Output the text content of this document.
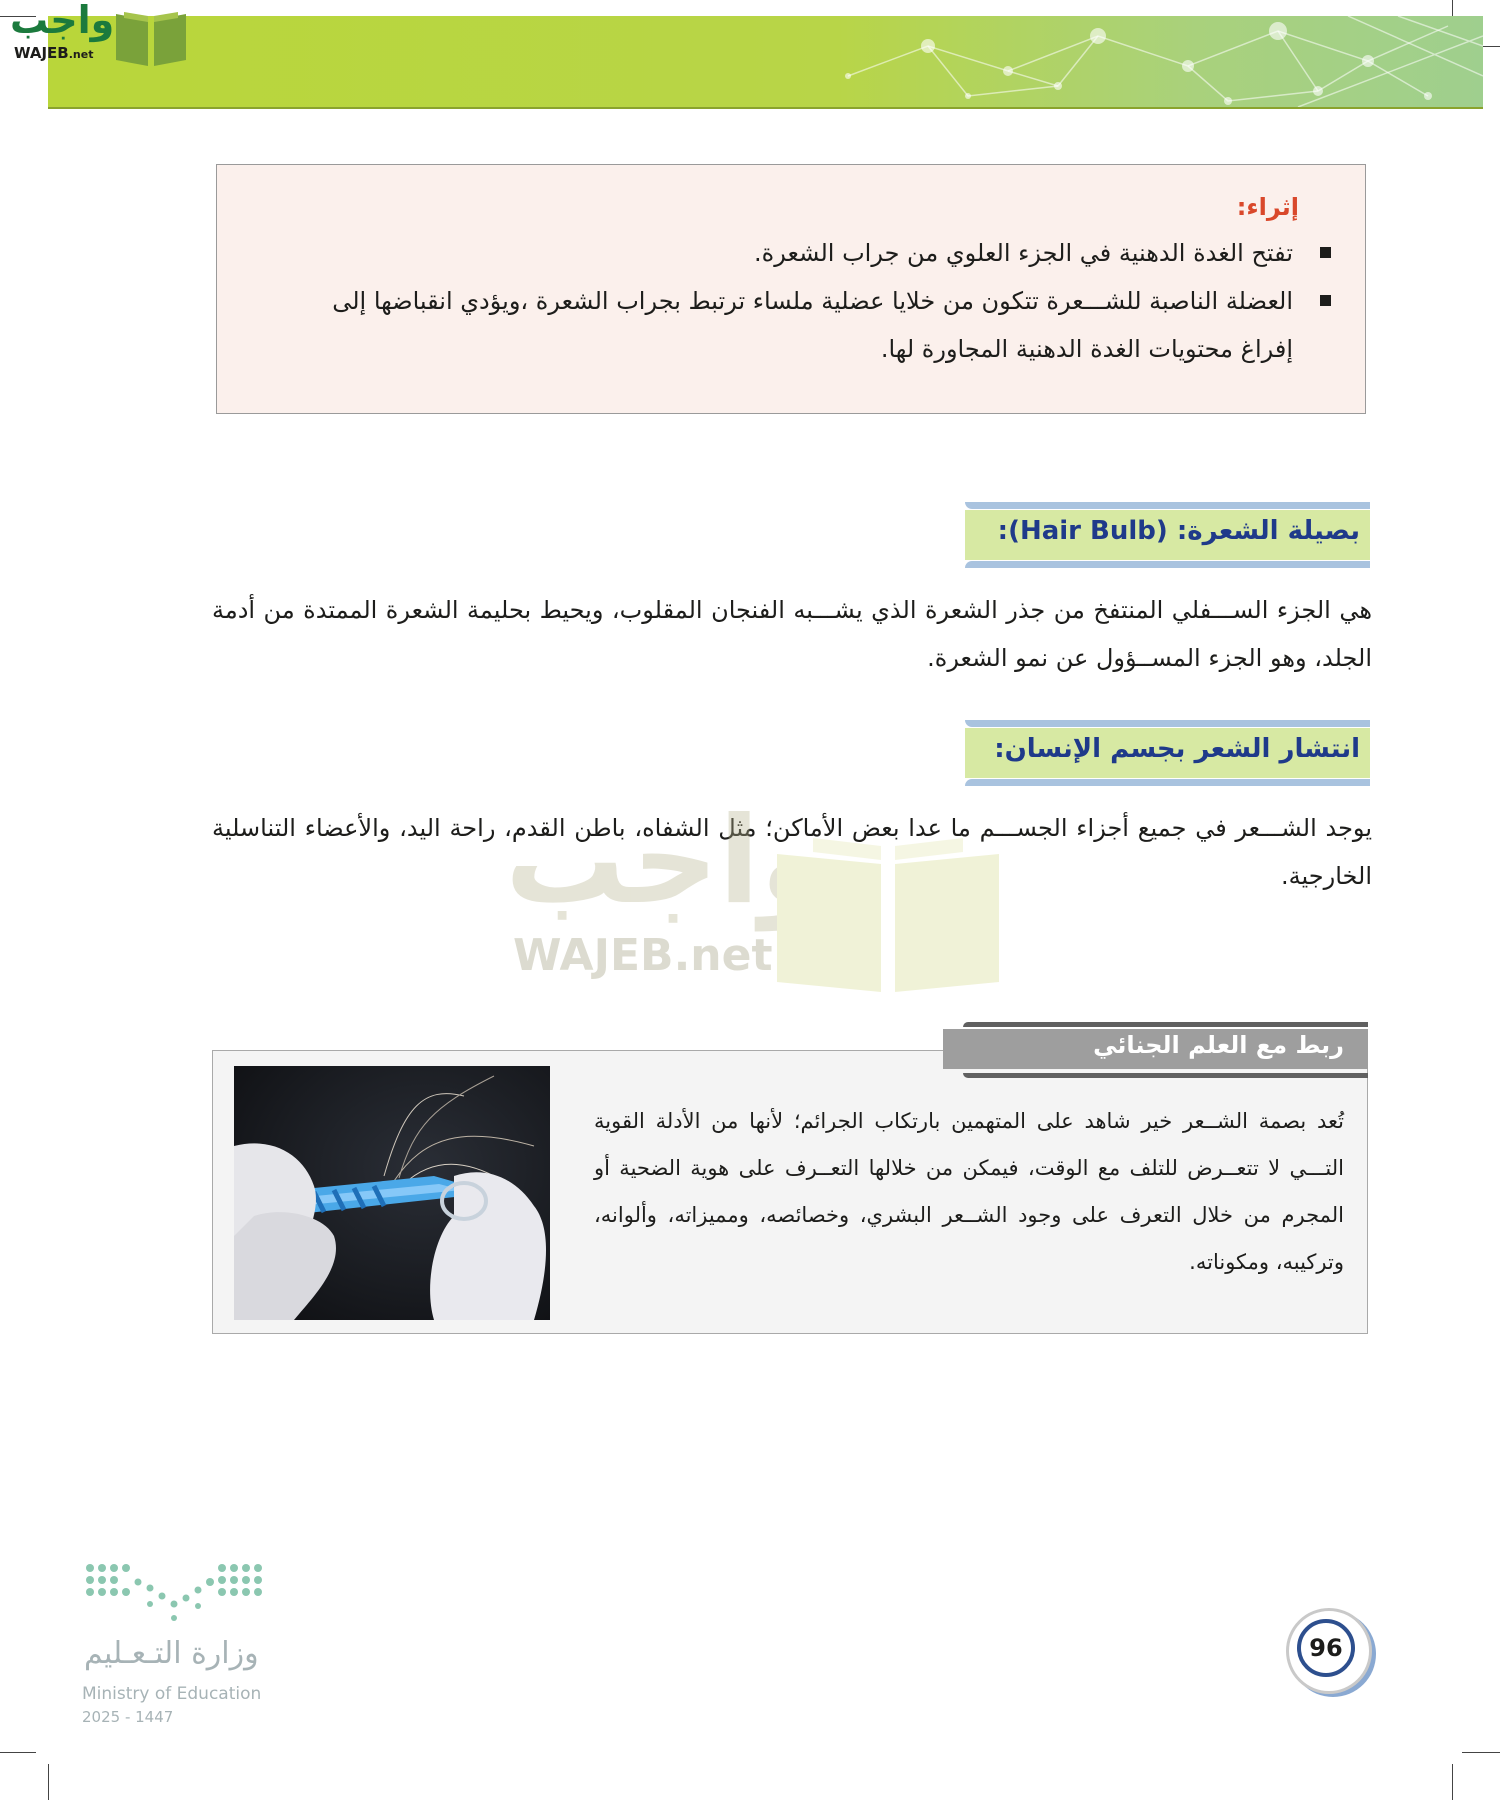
واجب
WAJEB.net
إثراء:
تفتح الغدة الدهنية في الجزء العلوي من جراب الشعرة.
العضلة الناصبة للشـــعرة تتكون من خلايا عضلية ملساء ترتبط بجراب الشعرة ،ويؤدي انقباضها إلى إفراغ محتويات الغدة الدهنية المجاورة لها.
بصيلة الشعرة: (Hair Bulb):
هي الجزء الســـفلي المنتفخ من جذر الشعرة الذي يشـــبه الفنجان المقلوب، ويحيط بحليمة الشعرة الممتدة من أدمة الجلد، وهو الجزء المســؤول عن نمو الشعرة.
انتشار الشعر بجسم الإنسان:
يوجد الشـــعر في جميع أجزاء الجســـم ما عدا بعض الأماكن؛ مثل الشفاه، باطن القدم، راحة اليد، والأعضاء التناسلية الخارجية.
واجب
WAJEB.net
ربط مع العلم الجنائي
تُعد بصمة الشــعر خير شاهد على المتهمين بارتكاب الجرائم؛ لأنها من الأدلة القوية التـــي لا تتعــرض للتلف مع الوقت، فيمكن من خلالها التعــرف على هوية الضحية أو المجرم من خلال التعرف على وجود الشــعر البشري، وخصائصه، ومميزاته، وألوانه، وتركيبه، ومكوناته.
وزارة التـعـليم
Ministry of Education
2025 - 1447
96
